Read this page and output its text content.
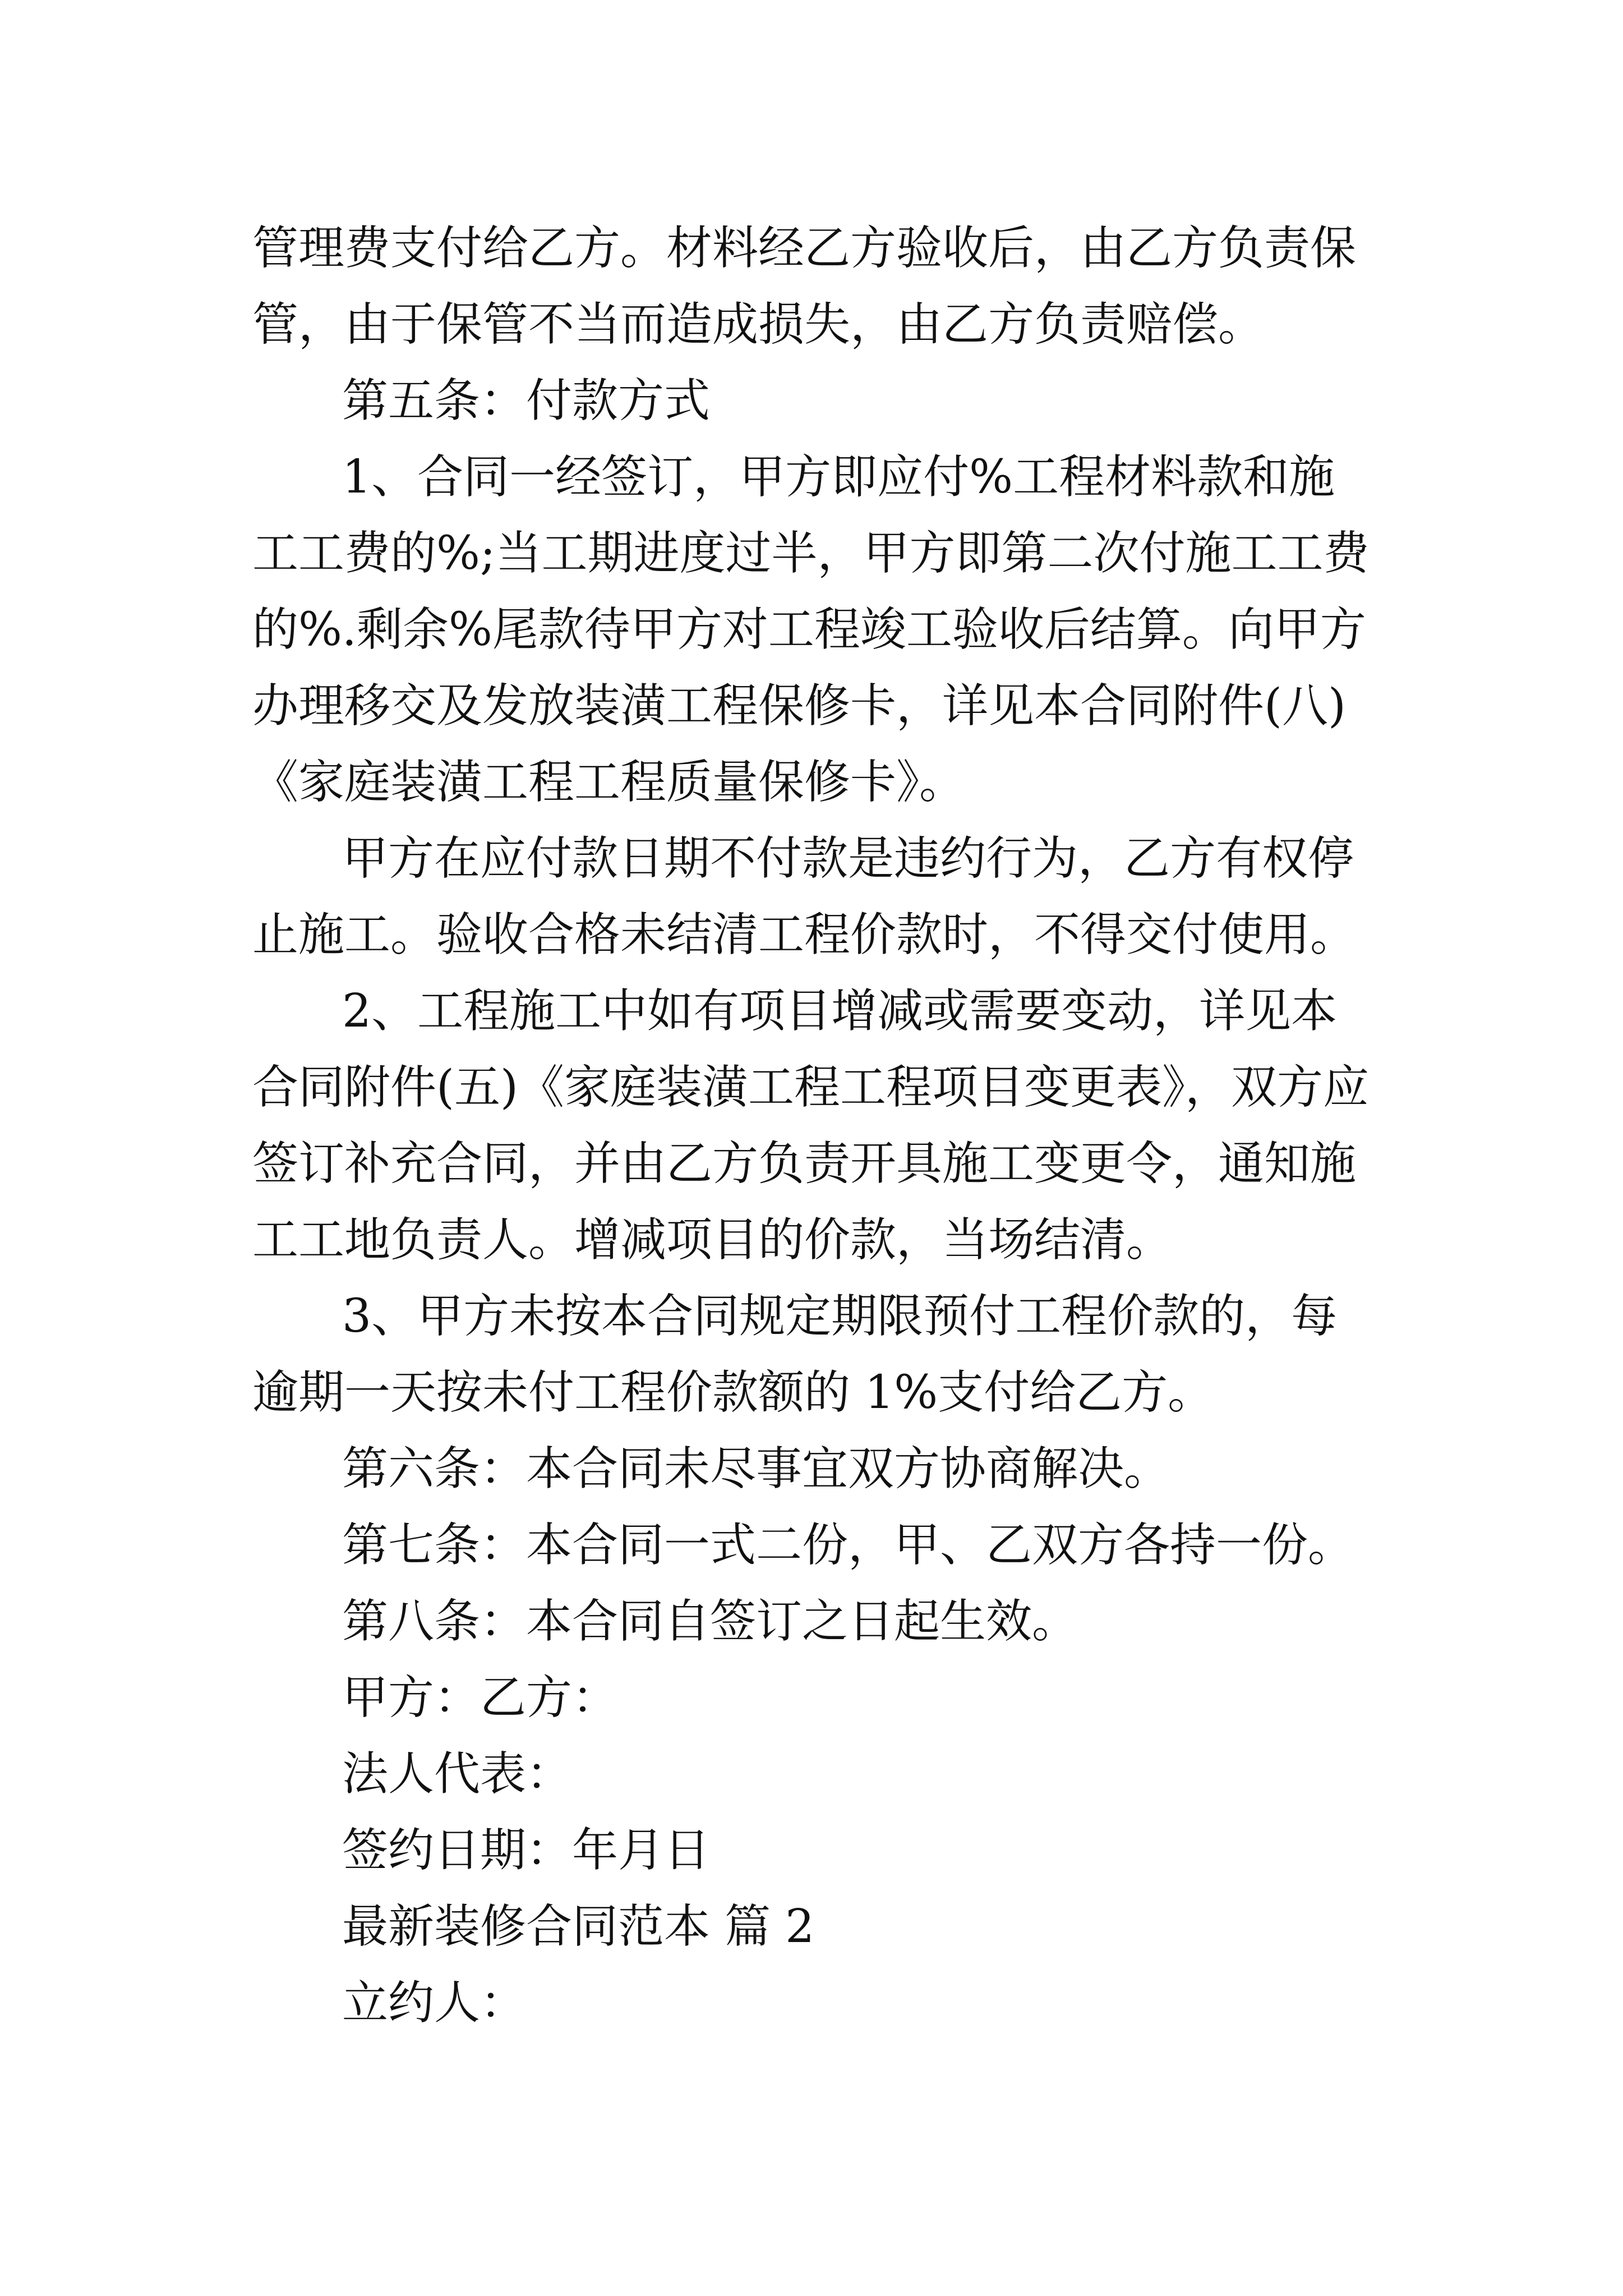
管理费支付给乙方。材料经乙方验收后，由乙方负责保管，由于保管不当而造成损失，由乙方负责赔偿。

第五条：付款方式

1、合同一经签订，甲方即应付%工程材料款和施工工费的%;当工期进度过半，甲方即第二次付施工工费的%.剩余%尾款待甲方对工程竣工验收后结算。向甲方办理移交及发放装潢工程保修卡，详见本合同附件(八)《家庭装潢工程工程质量保修卡》。

甲方在应付款日期不付款是违约行为，乙方有权停止施工。验收合格未结清工程价款时，不得交付使用。

2、工程施工中如有项目增减或需要变动，详见本合同附件(五)《家庭装潢工程工程项目变更表》，双方应签订补充合同，并由乙方负责开具施工变更令，通知施工工地负责人。增减项目的价款，当场结清。

3、甲方未按本合同规定期限预付工程价款的，每逾期一天按未付工程价款额的 1%支付给乙方。

第六条：本合同未尽事宜双方协商解决。

第七条：本合同一式二份，甲、乙双方各持一份。

第八条：本合同自签订之日起生效。

甲方：乙方：

法人代表：

签约日期：年月日

最新装修合同范本 篇 2

立约人：
